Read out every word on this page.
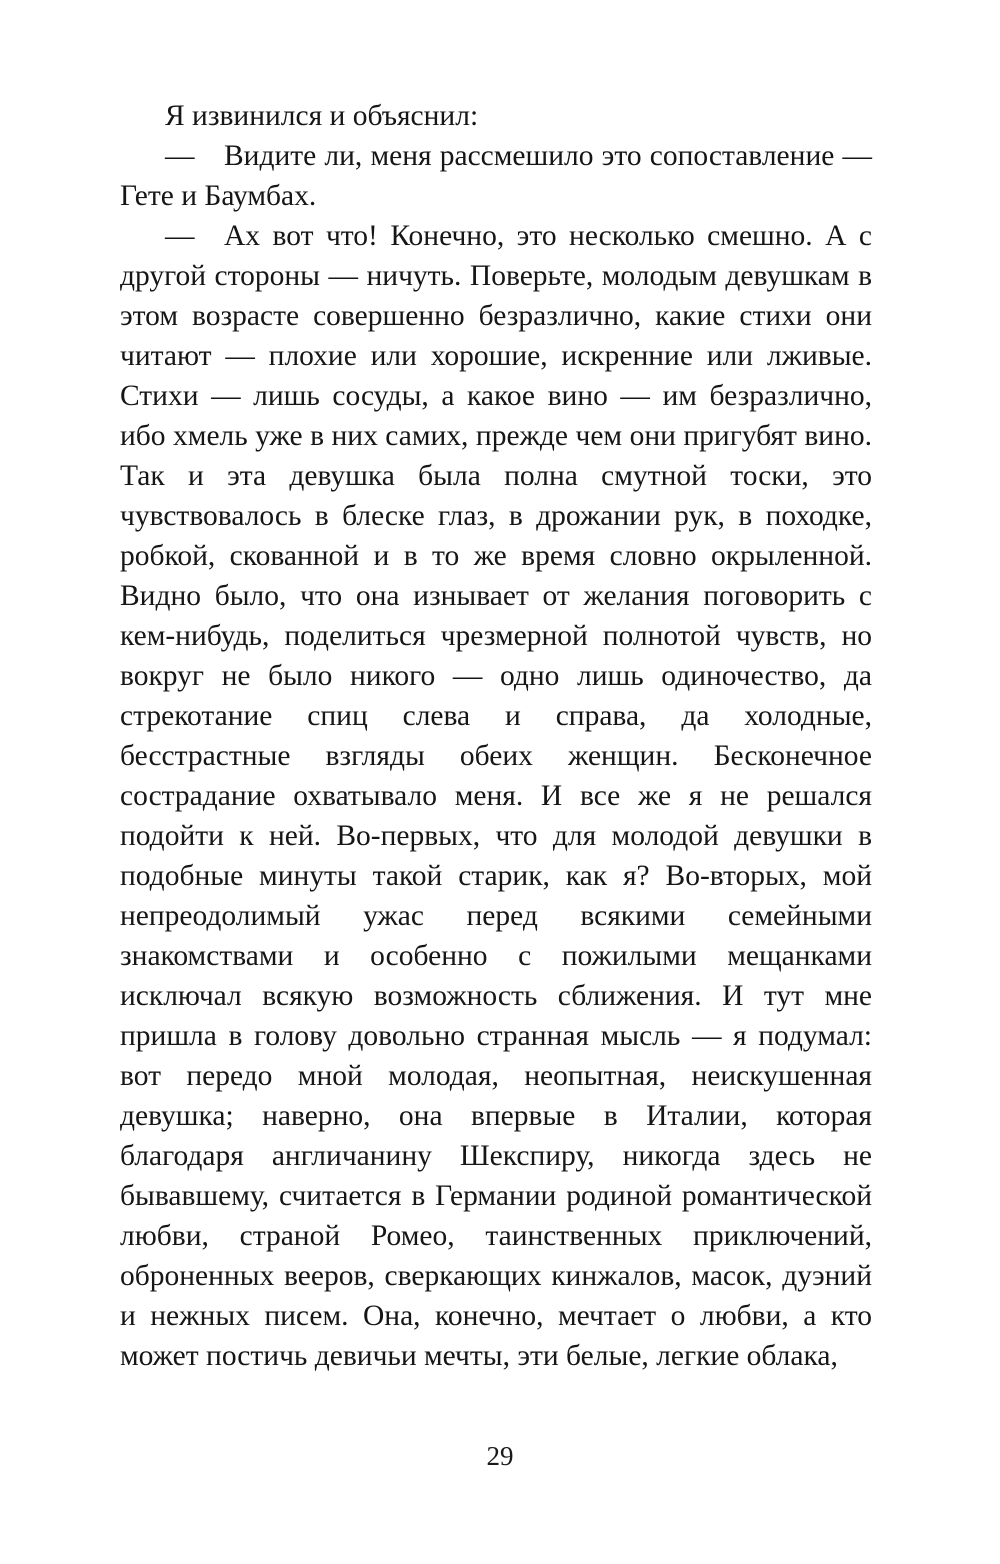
Я извинился и объяснил:

—  Видите ли, меня рассмешило это сопоставление — Гете и Баумбах.

—  Ах вот что! Конечно, это несколько смешно. А с другой стороны — ничуть. Поверьте, молодым девушкам в этом возрасте совершенно безразлично, какие стихи они читают — плохие или хорошие, искренние или лживые. Стихи — лишь сосуды, а какое вино — им безразлично, ибо хмель уже в них самих, прежде чем они пригубят вино. Так и эта девушка была полна смутной тоски, это чувствовалось в блеске глаз, в дрожании рук, в походке, робкой, скованной и в то же время словно окрыленной. Видно было, что она изнывает от желания поговорить с кем-нибудь, поделиться чрезмерной полнотой чувств, но вокруг не было никого — одно лишь одиночество, да стрекотание спиц слева и справа, да холодные, бесстрастные взгляды обеих женщин. Бесконечное сострадание охватывало меня. И все же я не решался подойти к ней. Во-первых, что для молодой девушки в подобные минуты такой старик, как я? Во-вторых, мой непреодолимый ужас перед всякими семейными знакомствами и особенно с пожилыми мещанками исключал всякую возможность сближения. И тут мне пришла в голову довольно странная мысль — я подумал: вот передо мной молодая, неопытная, неискушенная девушка; наверно, она впервые в Италии, которая благодаря англичанину Шекспиру, никогда здесь не бывавшему, считается в Германии родиной романтической любви, страной Ромео, таинственных приключений, оброненных вееров, сверкающих кинжалов, масок, дуэний и нежных писем. Она, конечно, мечтает о любви, а кто может постичь девичьи мечты, эти белые, легкие облака,

29
